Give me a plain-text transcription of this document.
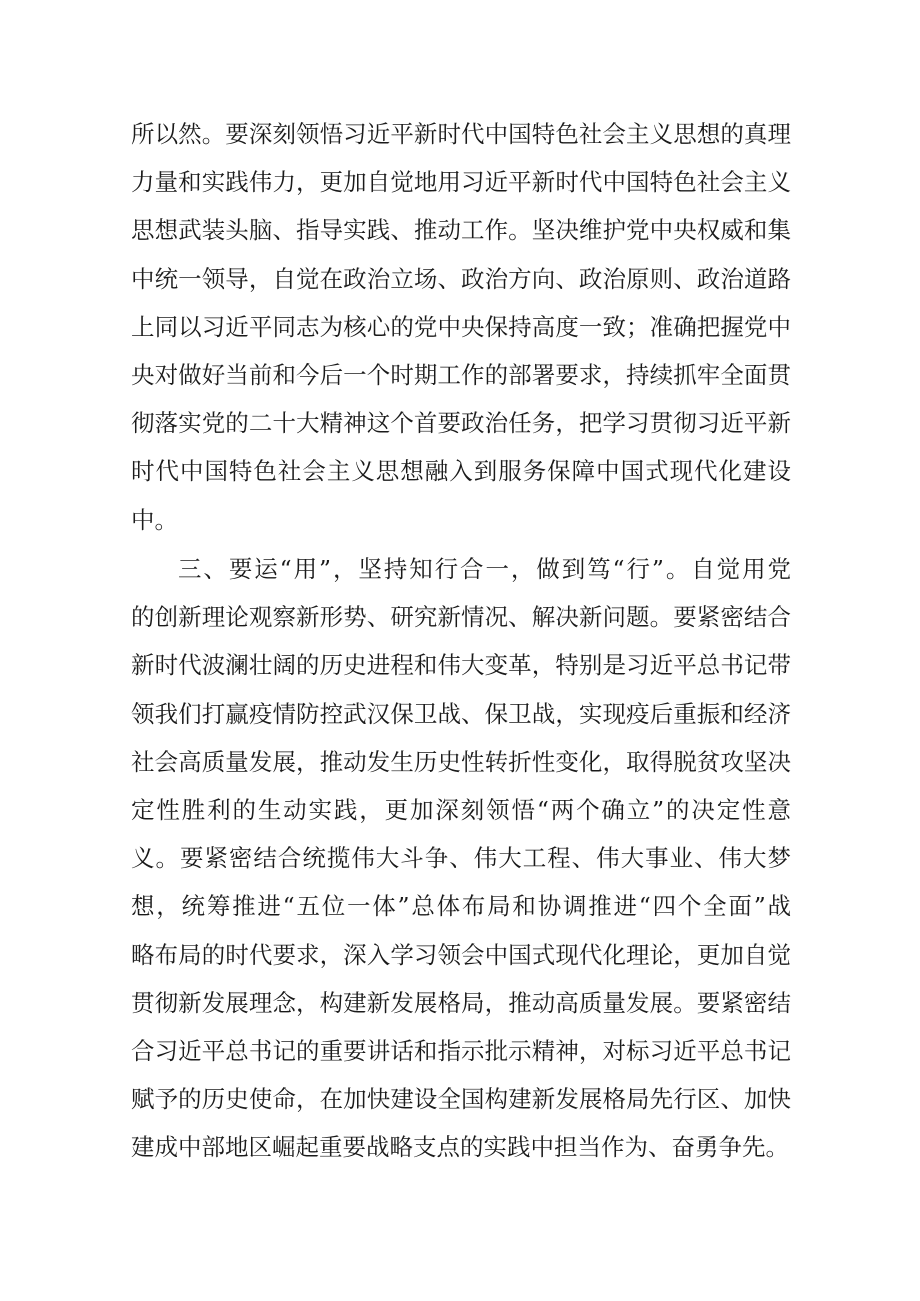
所以然。要深刻领悟习近平新时代中国特色社会主义思想的真理
力量和实践伟力，更加自觉地用习近平新时代中国特色社会主义
思想武装头脑、指导实践、推动工作。坚决维护党中央权威和集
中统一领导，自觉在政治立场、政治方向、政治原则、政治道路
上同以习近平同志为核心的党中央保持高度一致；准确把握党中
央对做好当前和今后一个时期工作的部署要求，持续抓牢全面贯
彻落实党的二十大精神这个首要政治任务，把学习贯彻习近平新
时代中国特色社会主义思想融入到服务保障中国式现代化建设
中。
三、要运“用”，坚持知行合一，做到笃“行”。自觉用党
的创新理论观察新形势、研究新情况、解决新问题。要紧密结合
新时代波澜壮阔的历史进程和伟大变革，特别是习近平总书记带
领我们打赢疫情防控武汉保卫战、保卫战，实现疫后重振和经济
社会高质量发展，推动发生历史性转折性变化，取得脱贫攻坚决
定性胜利的生动实践，更加深刻领悟“两个确立”的决定性意
义。要紧密结合统揽伟大斗争、伟大工程、伟大事业、伟大梦
想，统筹推进“五位一体”总体布局和协调推进“四个全面”战
略布局的时代要求，深入学习领会中国式现代化理论，更加自觉
贯彻新发展理念，构建新发展格局，推动高质量发展。要紧密结
合习近平总书记的重要讲话和指示批示精神，对标习近平总书记
赋予的历史使命，在加快建设全国构建新发展格局先行区、加快
建成中部地区崛起重要战略支点的实践中担当作为、奋勇争先。
